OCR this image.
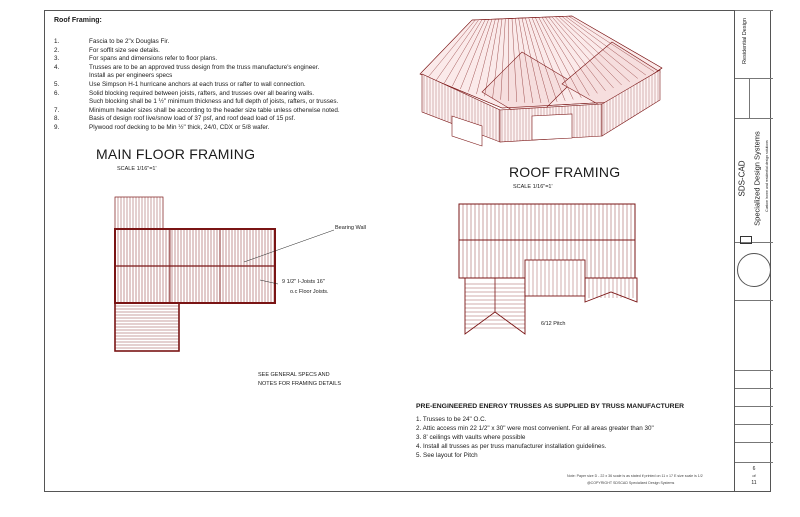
Roof Framing:
1.	Fascia to be 2"x Douglas Fir.
2.	For soffit size see details.
3.	For spans and dimensions refer to floor plans.
4.	Trusses are to be an approved truss design from the truss manufacture's engineer.
Install as per engineers specs
5.	Use Simpson H-1 hurricane anchors at each truss or rafter to wall connection.
6.	Solid blocking required between joists, rafters, and trusses over all bearing walls.
Such blocking shall be 1 ½" minimum thickness and full depth of joists, rafters, or trusses.
7.	Minimum header sizes shall be according to the header size table unless otherwise noted.
8.	Basis of design roof live/snow load of 37 psf, and roof dead load of 15 psf.
9.	Plywood roof decking to be Min ½" thick, 24/0, CDX or 5/8 wafer.
MAIN FLOOR FRAMING
SCALE 1/16"=1'
Bearing Wall
9 1/2" I-Joists 16"
o.c Floor Joists.
SEE GENERAL SPECS AND
NOTES FOR FRAMING DETAILS
ROOF FRAMING
SCALE 1/16"=1'
6/12 Pitch
PRE-ENGINEERED ENERGY TRUSSES AS SUPPLIED BY TRUSS MANUFACTURER
1. Trusses to be 24" O.C.
2. Attic access min 22 1/2" x 30" were most convenient. For all areas greater than 30"
3. 8' ceilings with vaults where possible
4. Install all trusses as per truss manufacturer installation guidelines.
5. See layout for Pitch
Note: Paper size D - 22 x 36 scale is as stated if printed on 11 x 17 E size scale is 1/2
@COPYRIGHT SDSCAD Specialized Design Systems
Residential Design
SDS-CAD Specialized Design Systems Custom home and residential design solutions
6
of
11
